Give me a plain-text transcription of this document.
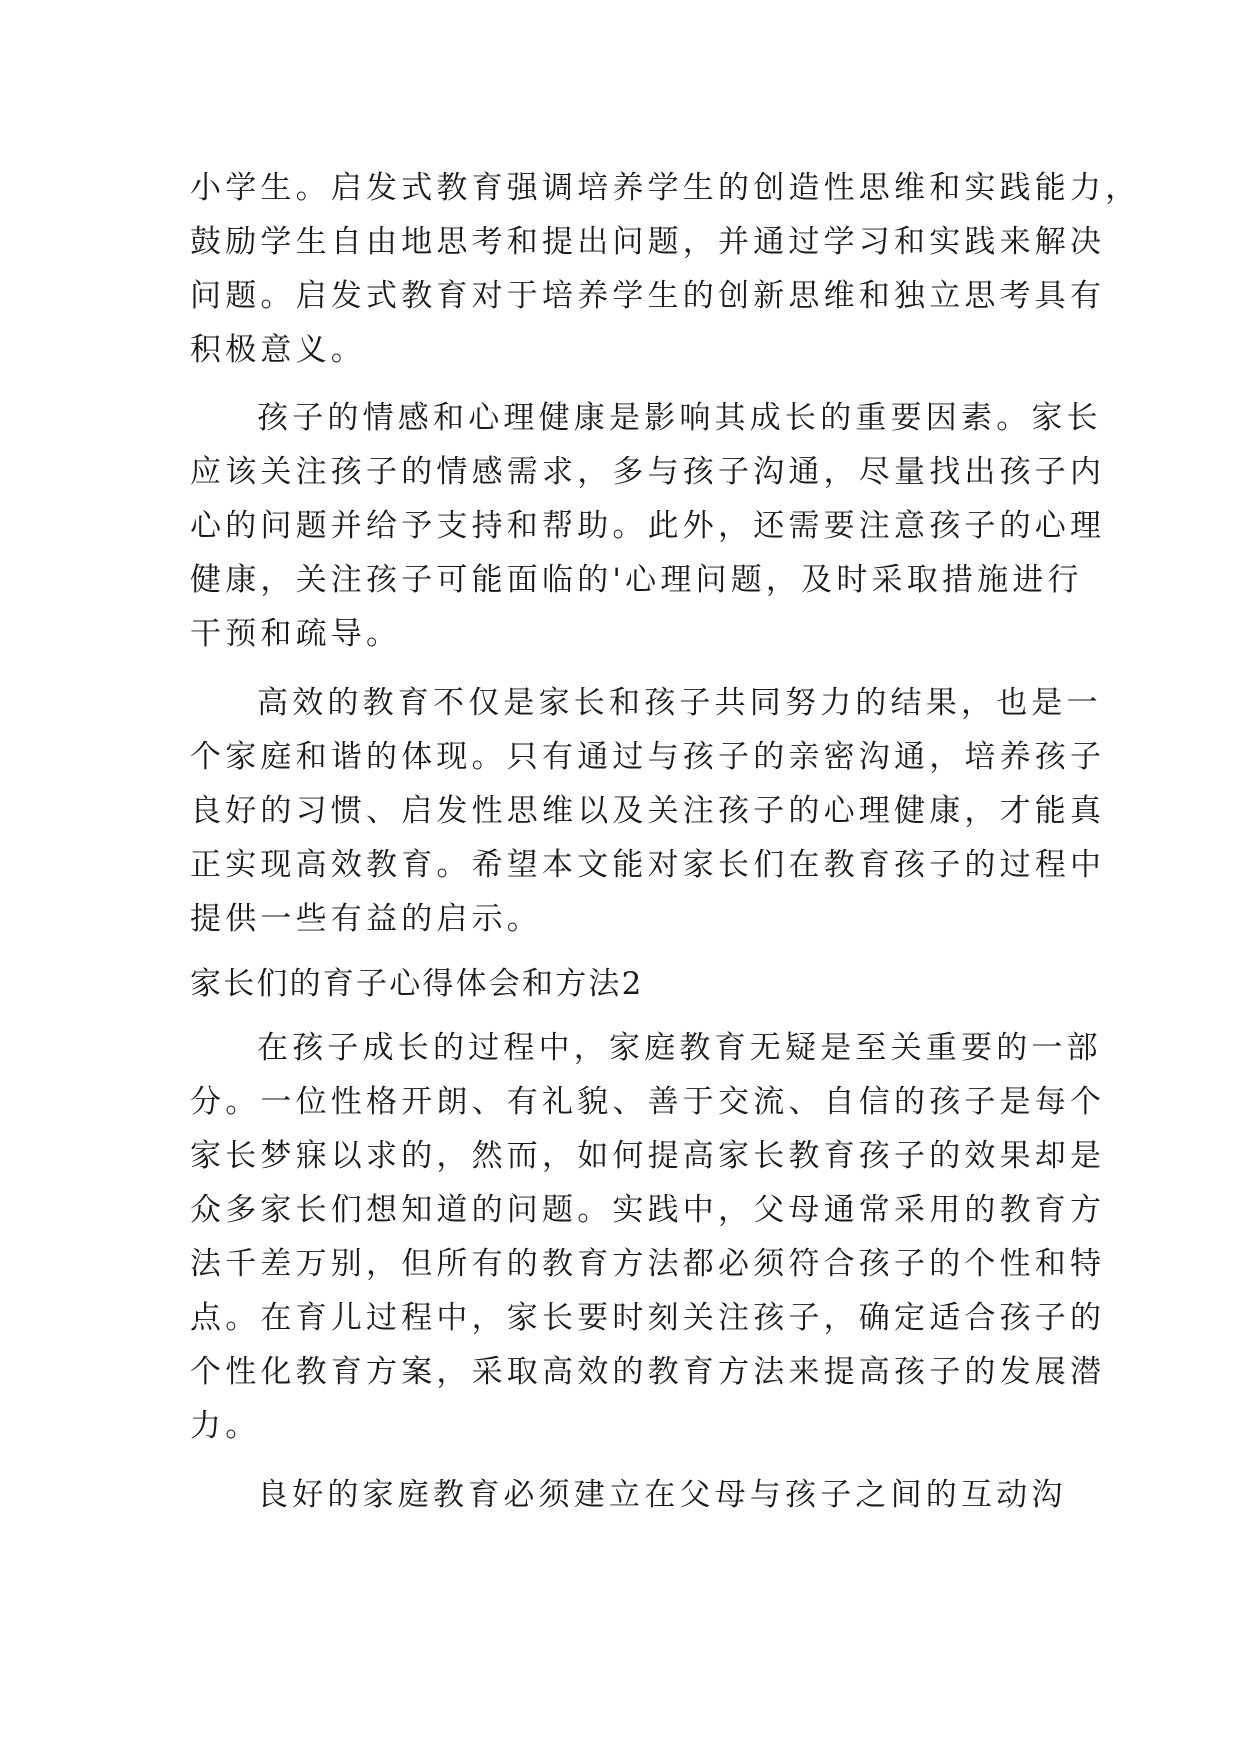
小学生。启发式教育强调培养学生的创造性思维和实践能力，
鼓励学生自由地思考和提出问题，并通过学习和实践来解决
问题。启发式教育对于培养学生的创新思维和独立思考具有
积极意义。
孩子的情感和心理健康是影响其成长的重要因素。家长
应该关注孩子的情感需求，多与孩子沟通，尽量找出孩子内
心的问题并给予支持和帮助。此外，还需要注意孩子的心理
健康，关注孩子可能面临的'心理问题，及时采取措施进行
干预和疏导。
高效的教育不仅是家长和孩子共同努力的结果，也是一
个家庭和谐的体现。只有通过与孩子的亲密沟通，培养孩子
良好的习惯、启发性思维以及关注孩子的心理健康，才能真
正实现高效教育。希望本文能对家长们在教育孩子的过程中
提供一些有益的启示。
家长们的育子心得体会和方法2
在孩子成长的过程中，家庭教育无疑是至关重要的一部
分。一位性格开朗、有礼貌、善于交流、自信的孩子是每个
家长梦寐以求的，然而，如何提高家长教育孩子的效果却是
众多家长们想知道的问题。实践中，父母通常采用的教育方
法千差万别，但所有的教育方法都必须符合孩子的个性和特
点。在育儿过程中，家长要时刻关注孩子，确定适合孩子的
个性化教育方案，采取高效的教育方法来提高孩子的发展潜
力。
良好的家庭教育必须建立在父母与孩子之间的互动沟
